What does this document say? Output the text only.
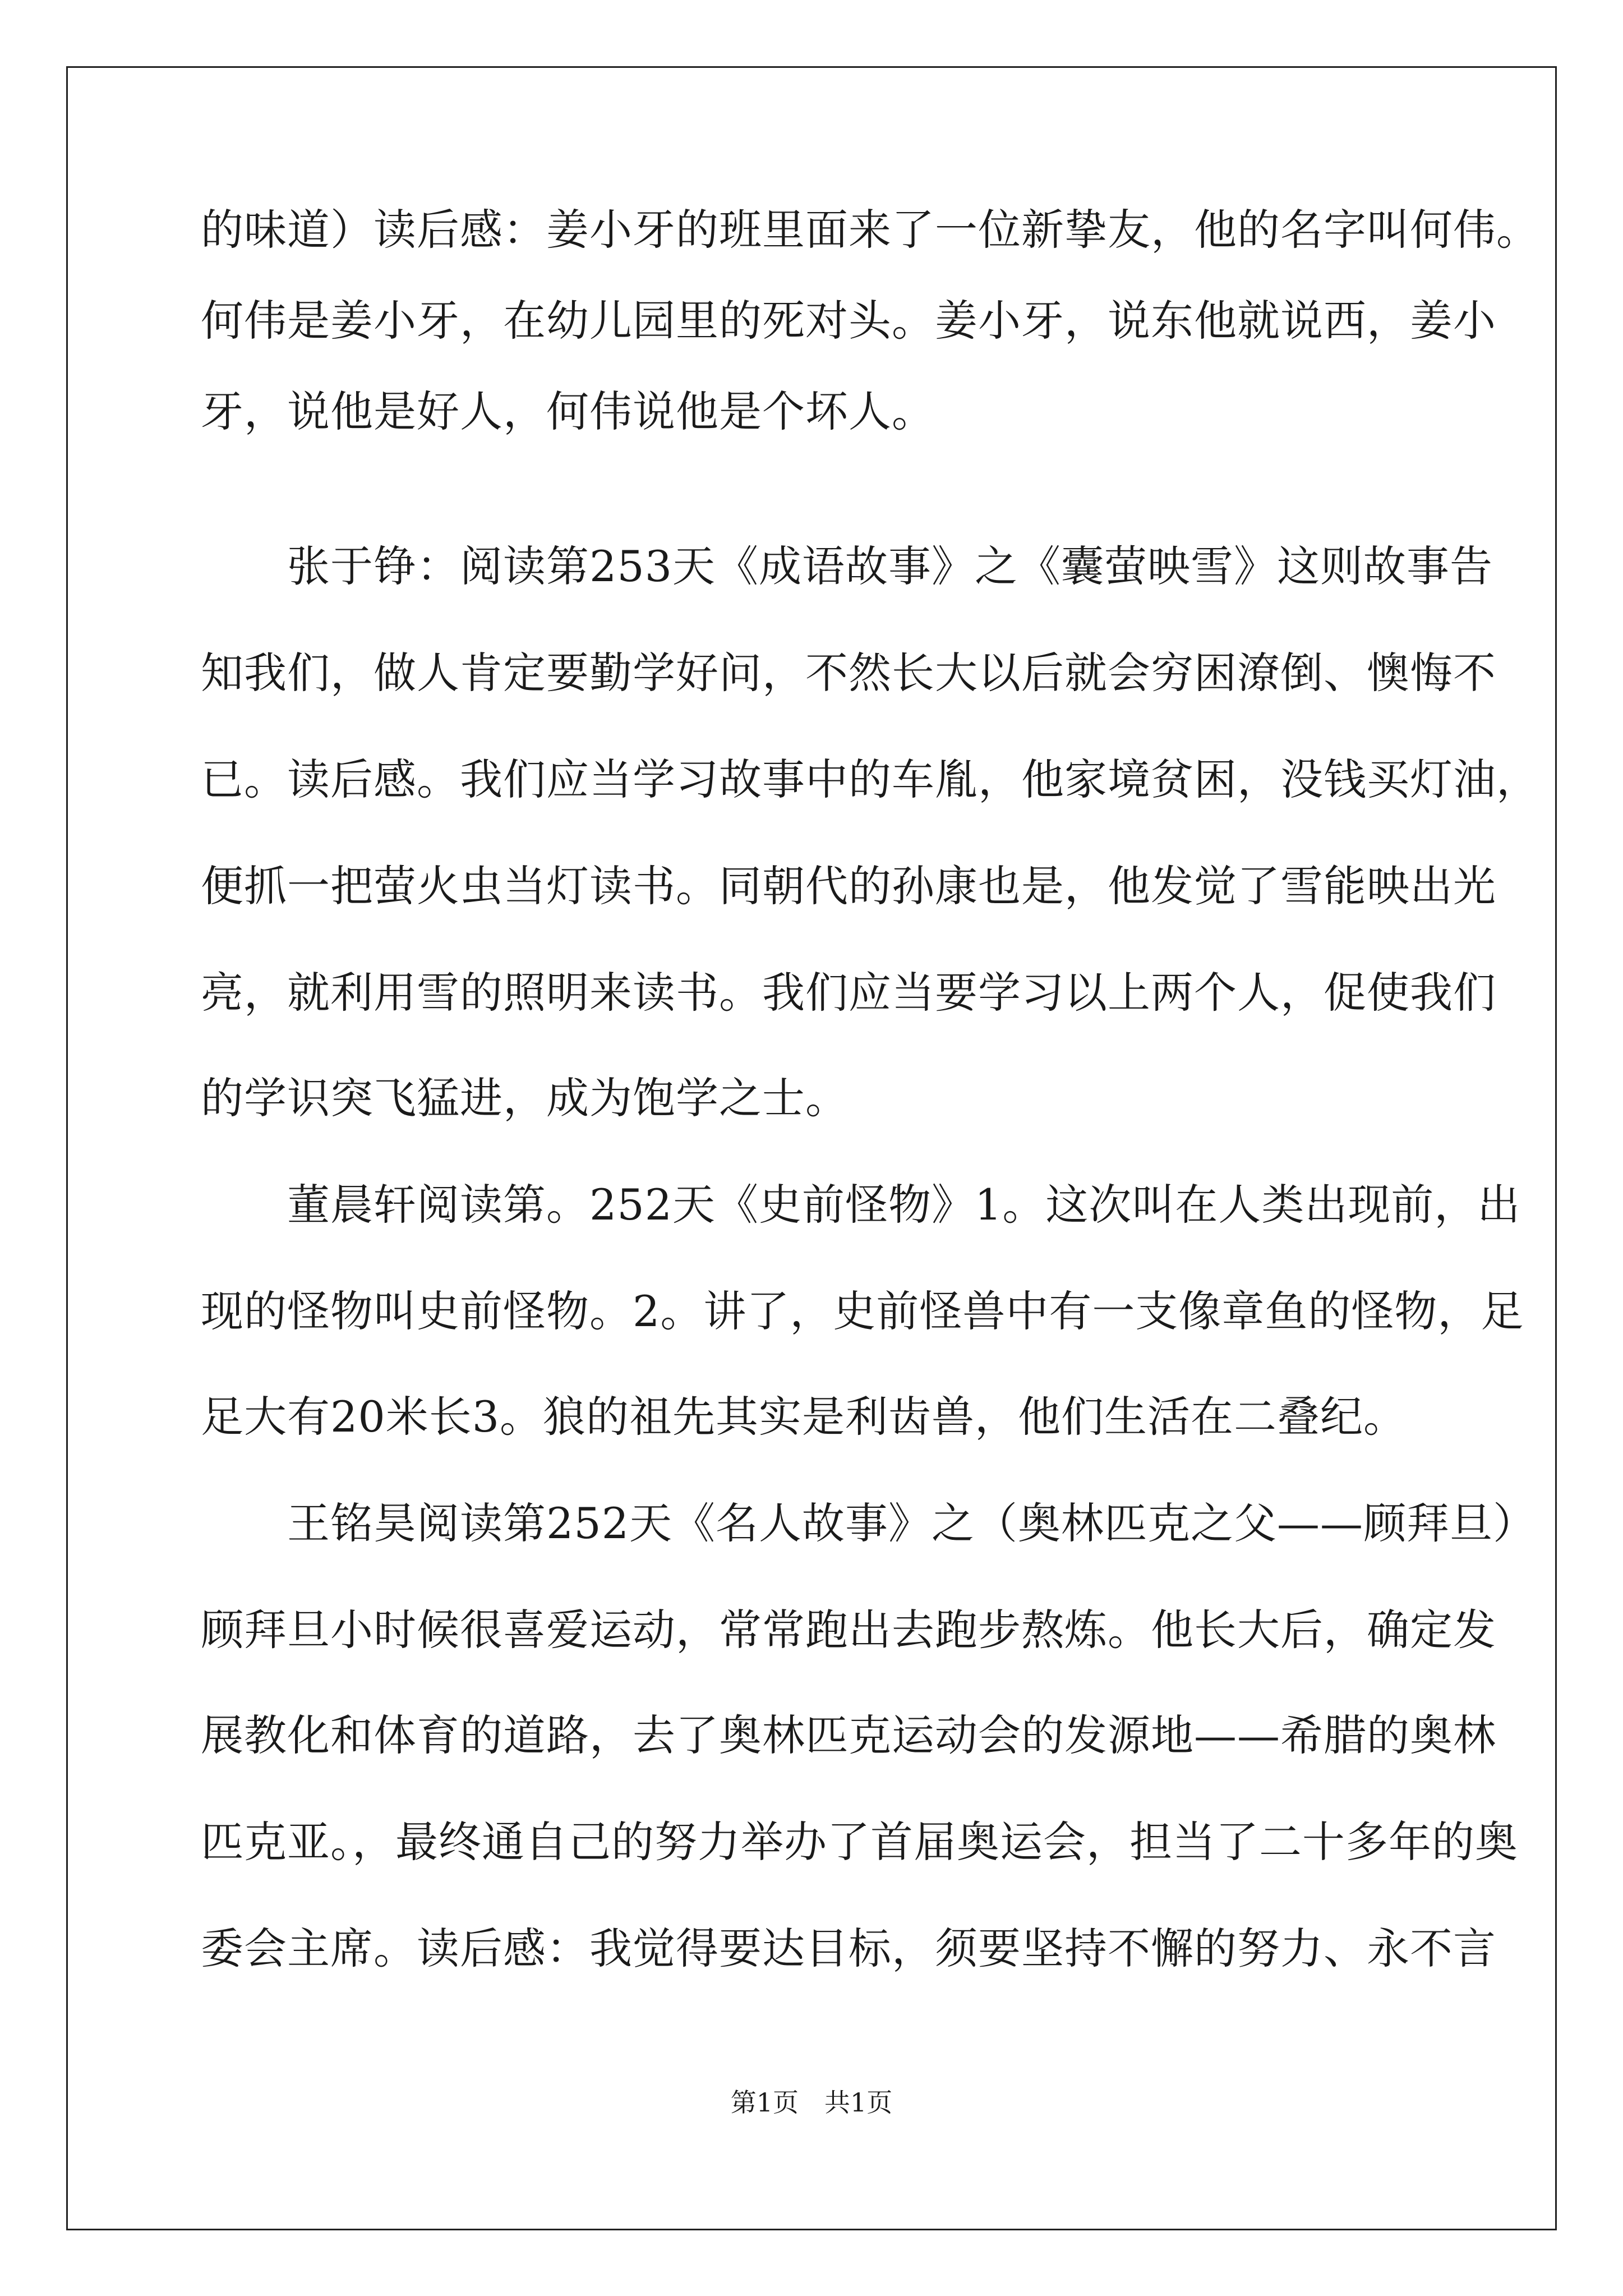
的味道）读后感：姜小牙的班里面来了一位新挚友，他的名字叫何伟。

何伟是姜小牙，在幼儿园里的死对头。姜小牙，说东他就说西，姜小

牙，说他是好人，何伟说他是个坏人。

　　张于铮：阅读第253天《成语故事》之《囊萤映雪》这则故事告

知我们，做人肯定要勤学好问，不然长大以后就会穷困潦倒、懊悔不

已。读后感。我们应当学习故事中的车胤，他家境贫困，没钱买灯油，

便抓一把萤火虫当灯读书。同朝代的孙康也是，他发觉了雪能映出光

亮，就利用雪的照明来读书。我们应当要学习以上两个人，促使我们

的学识突飞猛进，成为饱学之士。

　　董晨轩阅读第。252天《史前怪物》1。这次叫在人类出现前，出

现的怪物叫史前怪物。2。讲了，史前怪兽中有一支像章鱼的怪物，足

足大有20米长3。狼的祖先其实是利齿兽，他们生活在二叠纪。

　　王铭昊阅读第252天《名人故事》之（奥林匹克之父——顾拜旦）

顾拜旦小时候很喜爱运动，常常跑出去跑步熬炼。他长大后，确定发

展教化和体育的道路，去了奥林匹克运动会的发源地——希腊的奥林

匹克亚。，最终通自己的努力举办了首届奥运会，担当了二十多年的奥

委会主席。读后感：我觉得要达目标，须要坚持不懈的努力、永不言

第1页　共1页
